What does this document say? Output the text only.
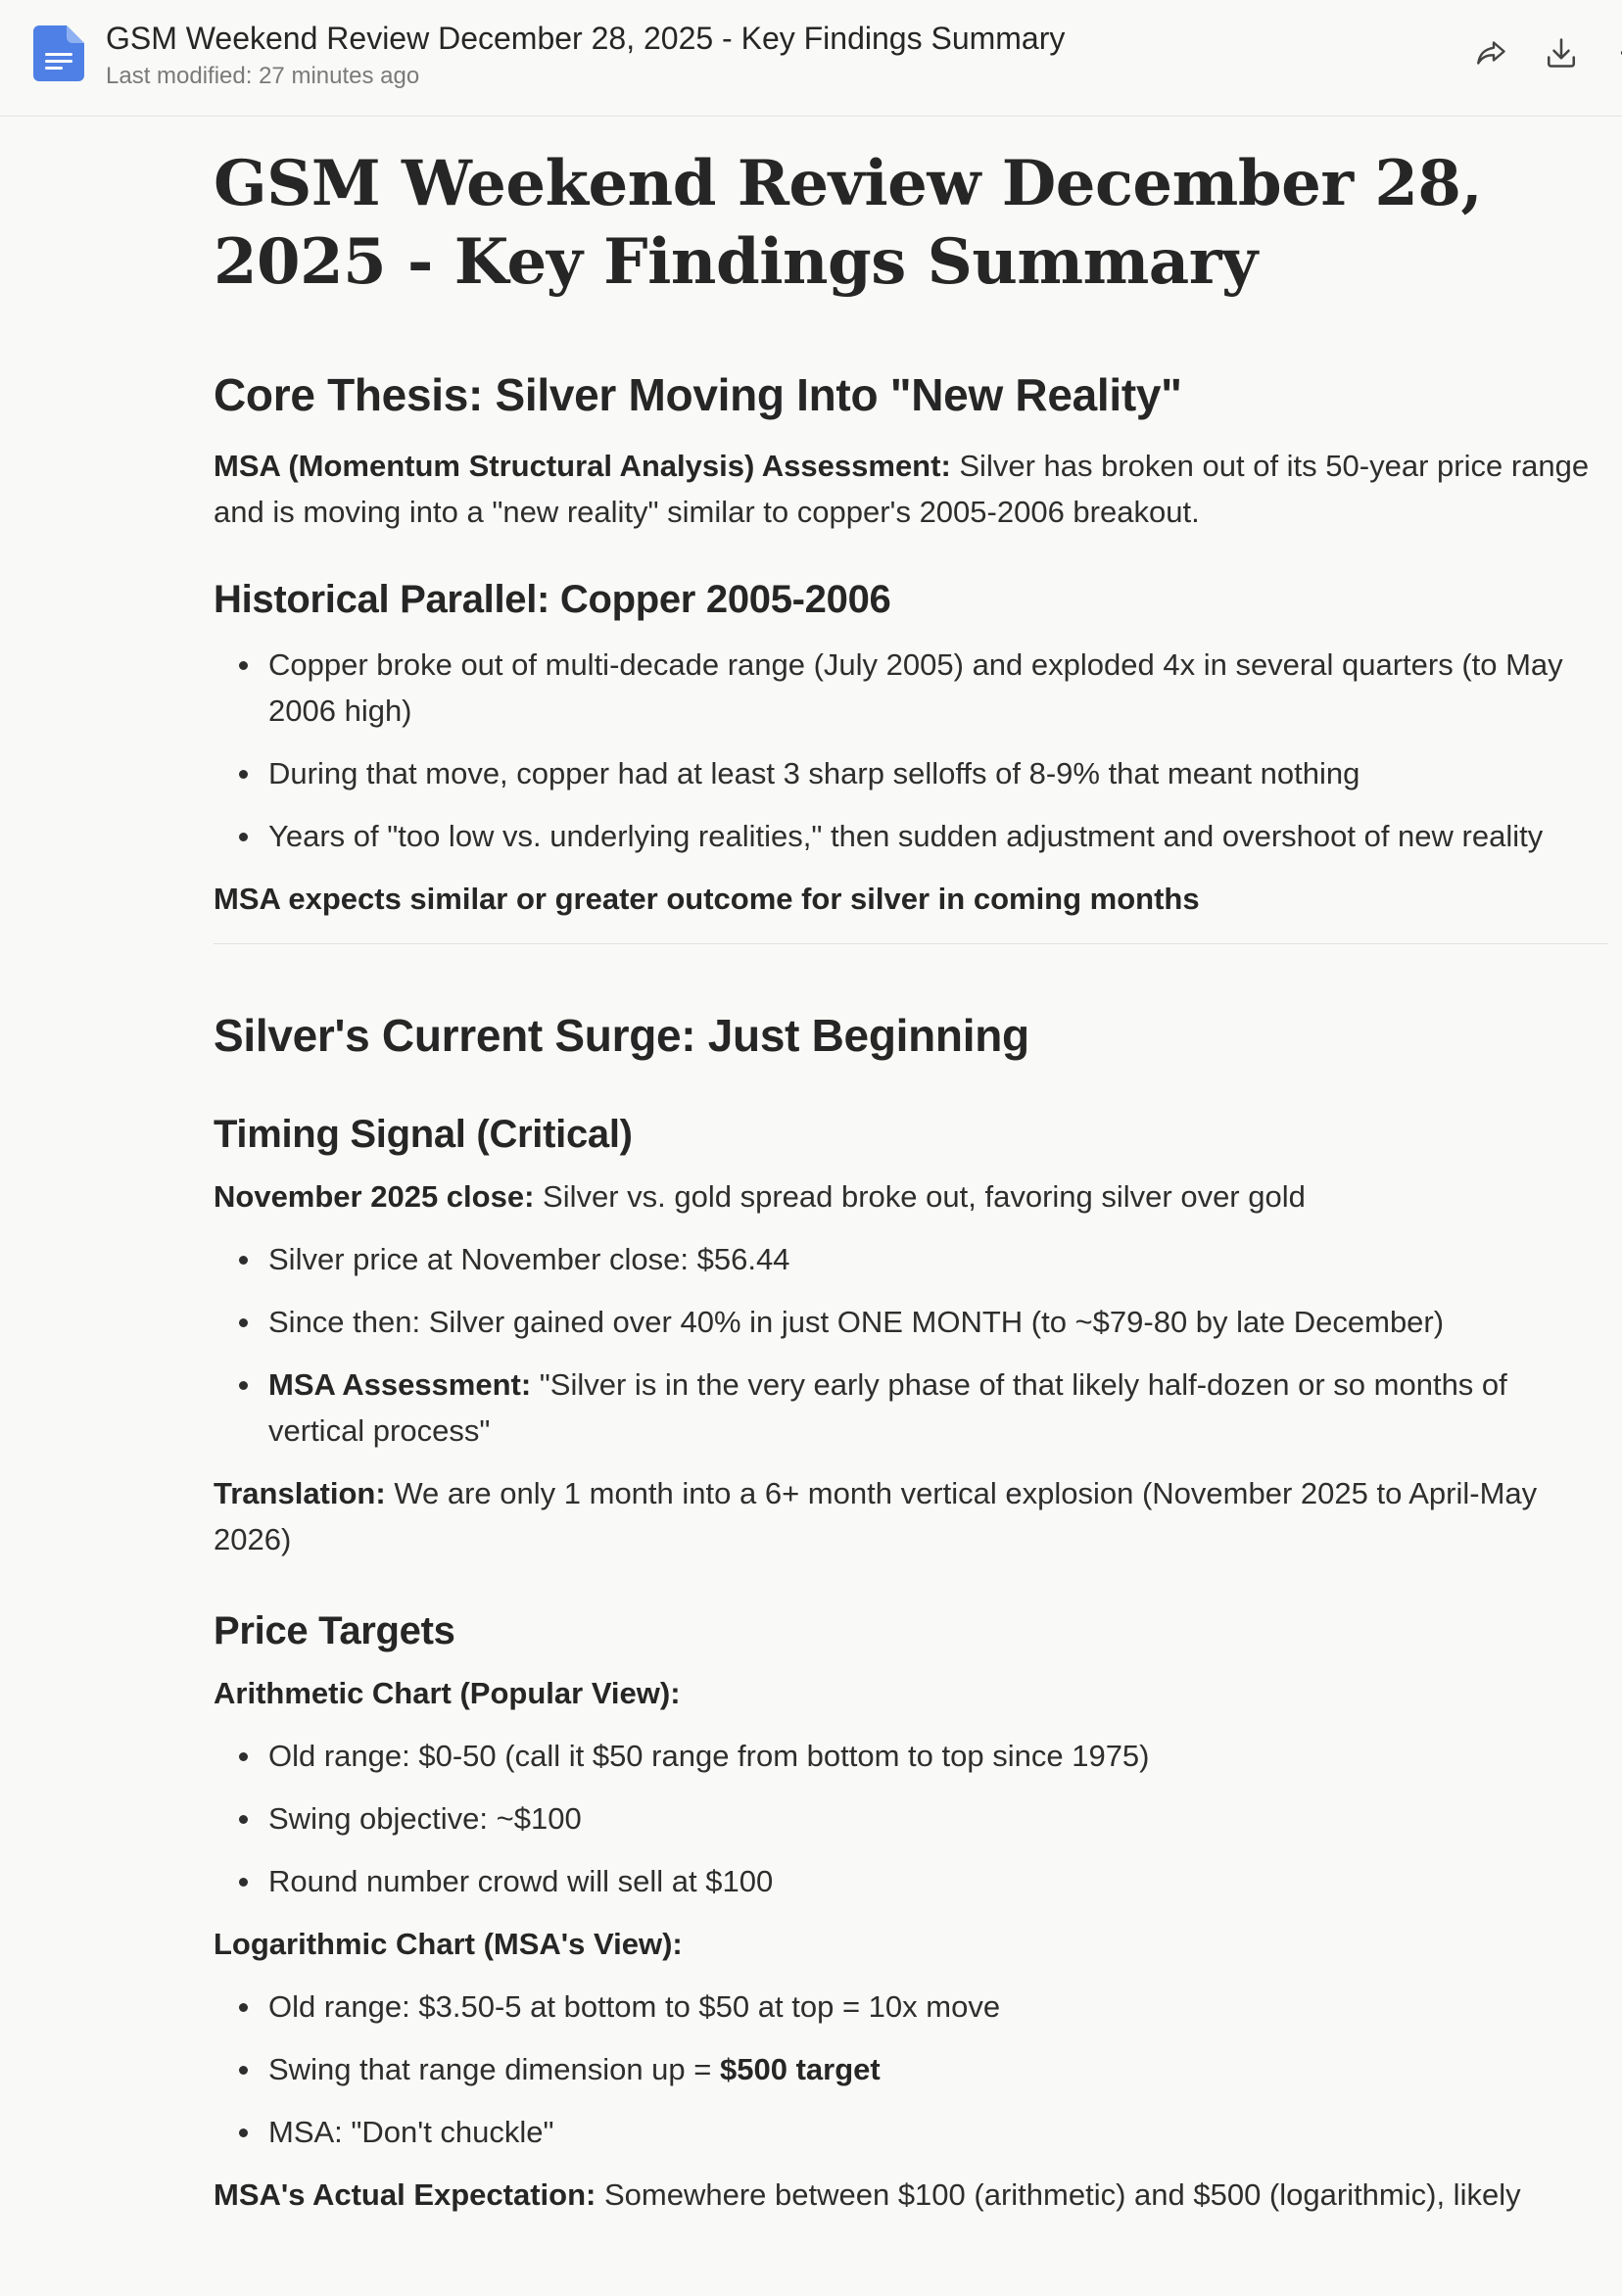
GSM Weekend Review December 28, 2025 - Key Findings Summary
Last modified: 27 minutes ago
GSM Weekend Review December 28, 2025 - Key Findings Summary
Core Thesis: Silver Moving Into "New Reality"

MSA (Momentum Structural Analysis) Assessment: Silver has broken out of its 50-year price range and is moving into a "new reality" similar to copper's 2005-2006 breakout.

Historical Parallel: Copper 2005-2006
Copper broke out of multi-decade range (July 2005) and exploded 4x in several quarters (to May 2006 high)
During that move, copper had at least 3 sharp selloffs of 8-9% that meant nothing
Years of "too low vs. underlying realities," then sudden adjustment and overshoot of new reality

MSA expects similar or greater outcome for silver in coming months

Silver's Current Surge: Just Beginning
Timing Signal (Critical)

November 2025 close: Silver vs. gold spread broke out, favoring silver over gold

Silver price at November close: $56.44
Since then: Silver gained over 40% in just ONE MONTH (to ~$79-80 by late December)
MSA Assessment: "Silver is in the very early phase of that likely half-dozen or so months of vertical process"

Translation: We are only 1 month into a 6+ month vertical explosion (November 2025 to April-May 2026)

Price Targets

Arithmetic Chart (Popular View):

Old range: $0-50 (call it $50 range from bottom to top since 1975)
Swing objective: ~$100
Round number crowd will sell at $100

Logarithmic Chart (MSA's View):

Old range: $3.50-5 at bottom to $50 at top = 10x move
Swing that range dimension up = $500 target
MSA: "Don't chuckle"

MSA's Actual Expectation: Somewhere between $100 (arithmetic) and $500 (logarithmic), likely
